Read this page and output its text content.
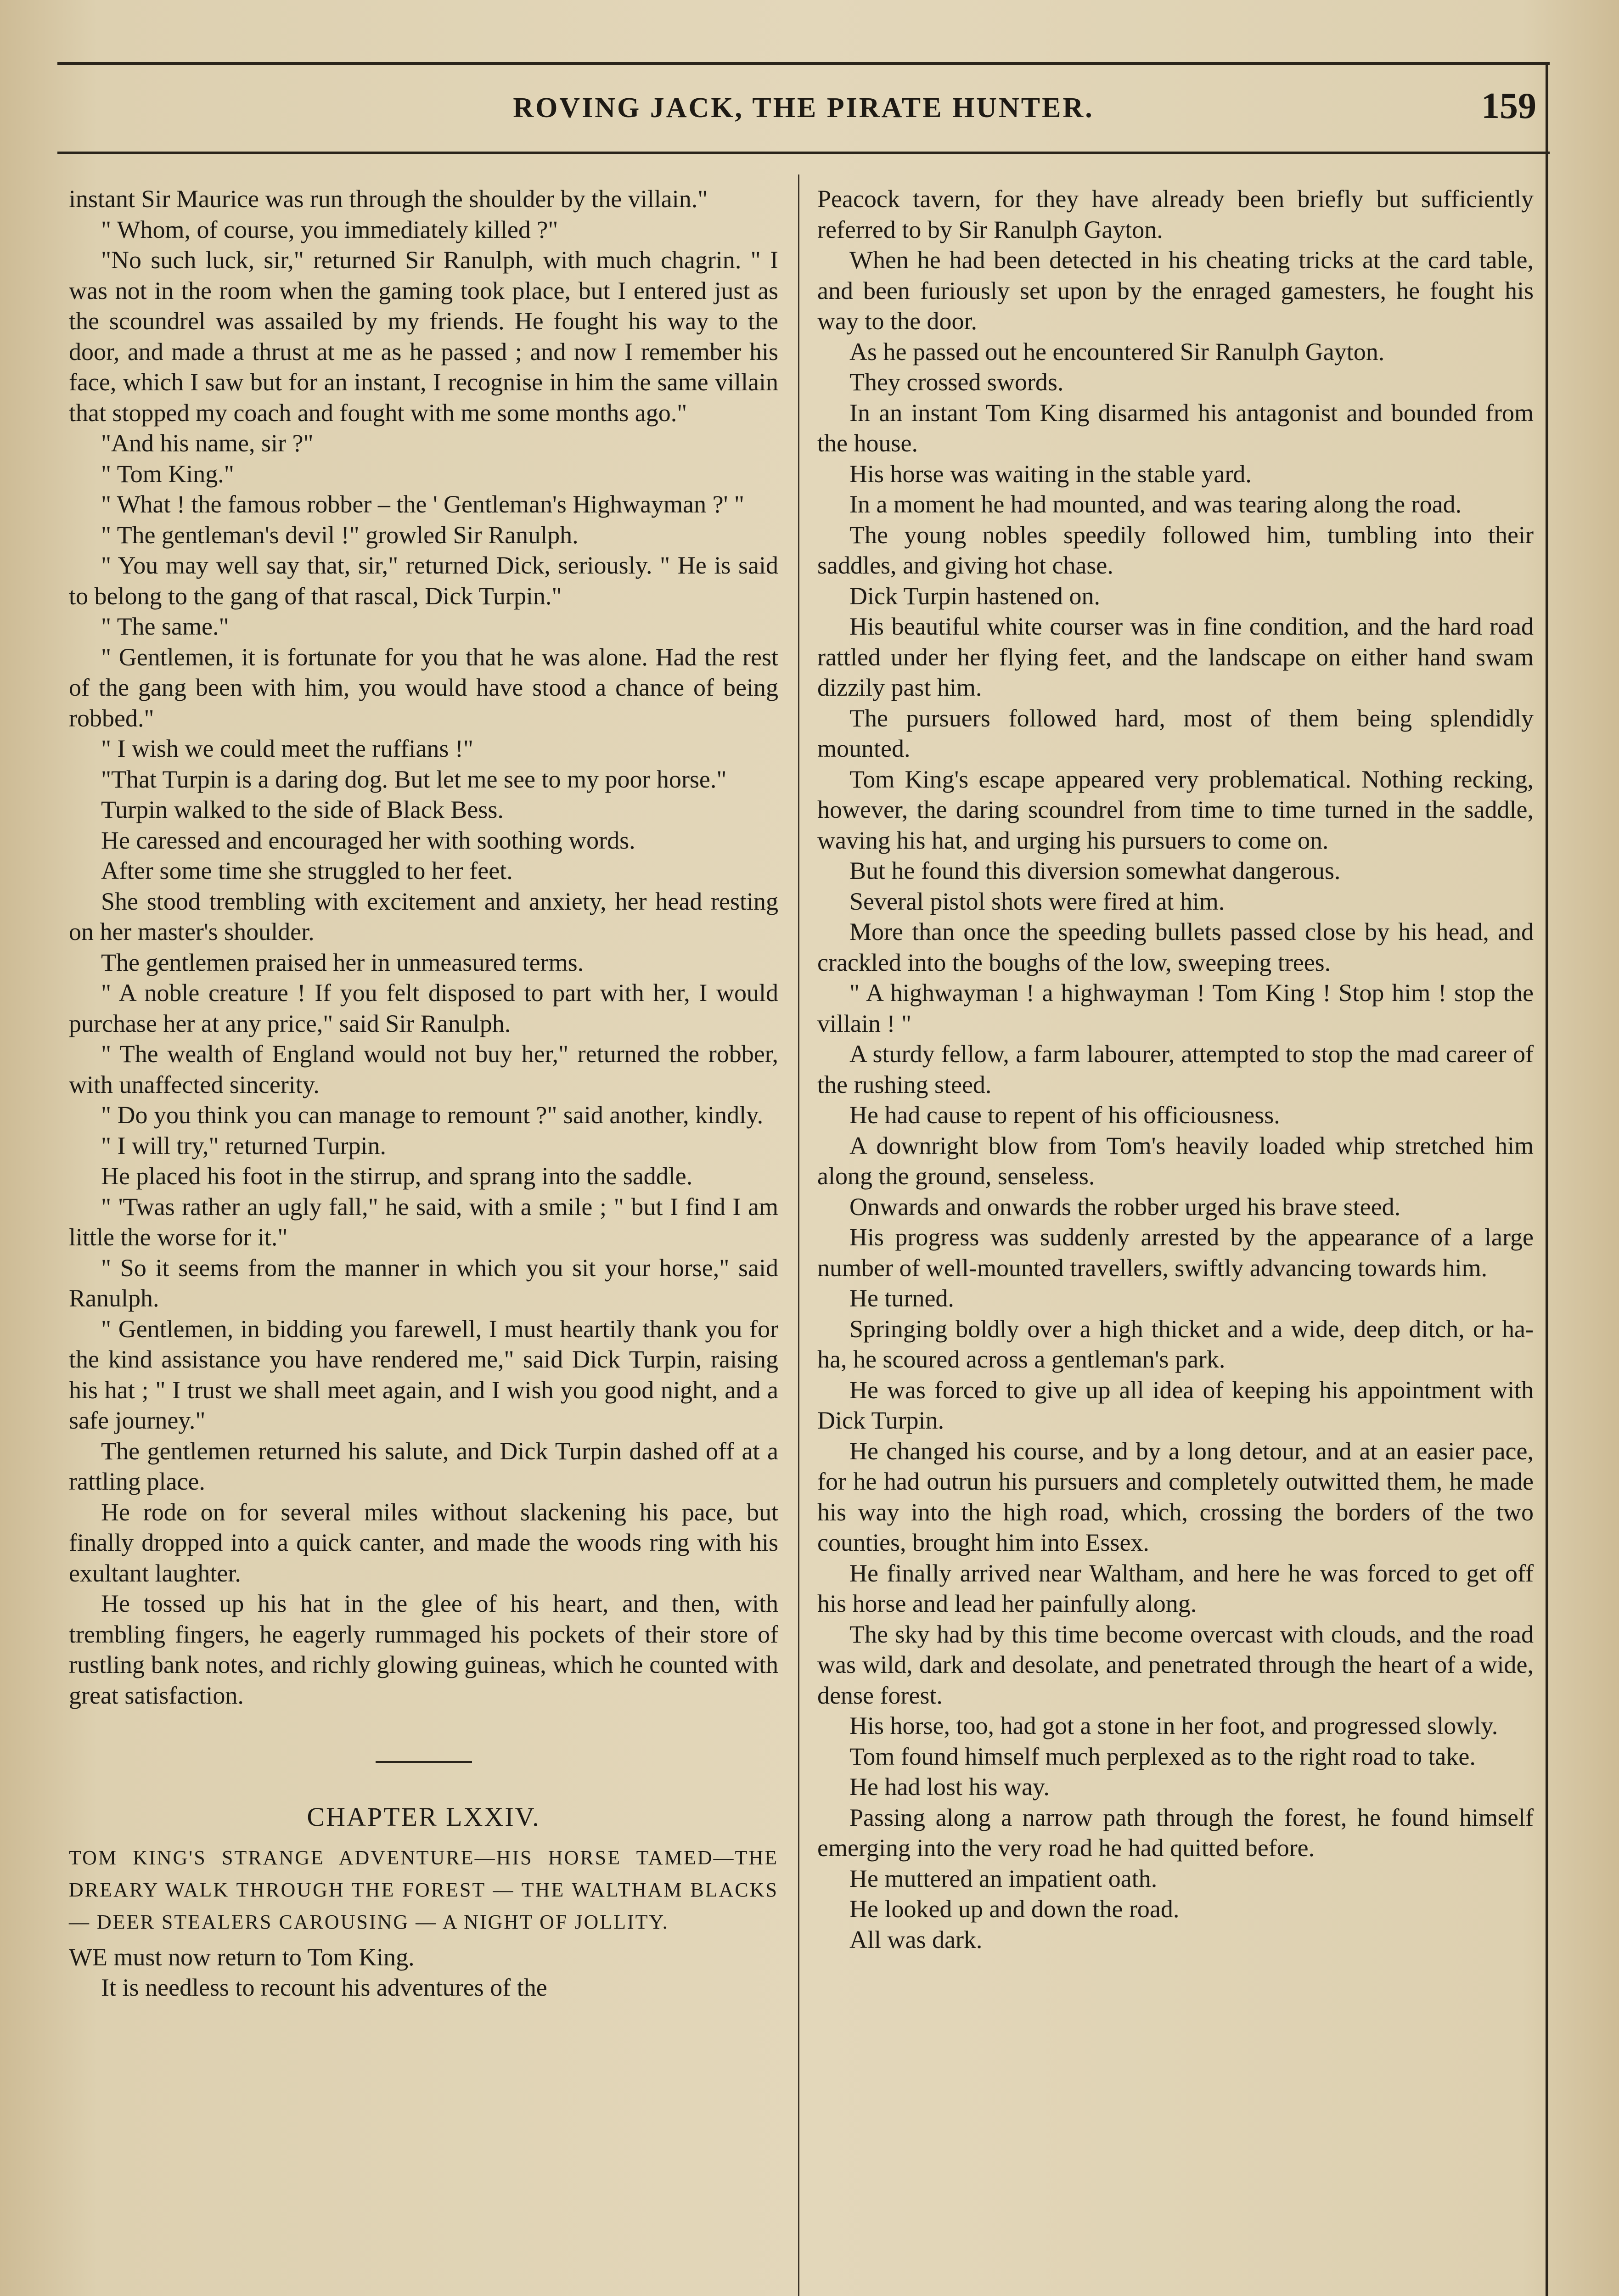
ROVING JACK, THE PIRATE HUNTER.	159

instant Sir Maurice was run through the shoulder by the villain."

" Whom, of course, you immediately killed ?"

"No such luck, sir," returned Sir Ranulph, with much chagrin. " I was not in the room when the gaming took place, but I entered just as the scoundrel was assailed by my friends. He fought his way to the door, and made a thrust at me as he passed ; and now I remember his face, which I saw but for an instant, I recognise in him the same villain that stopped my coach and fought with me some months ago."

"And his name, sir ?"

" Tom King."

" What ! the famous robber – the ' Gentleman's Highwayman ?' "

" The gentleman's devil !" growled Sir Ranulph.

" You may well say that, sir," returned Dick, seriously. " He is said to belong to the gang of that rascal, Dick Turpin."

" The same."

" Gentlemen, it is fortunate for you that he was alone. Had the rest of the gang been with him, you would have stood a chance of being robbed."

" I wish we could meet the ruffians !"

"That Turpin is a daring dog. But let me see to my poor horse."

Turpin walked to the side of Black Bess.

He caressed and encouraged her with soothing words.

After some time she struggled to her feet.

She stood trembling with excitement and anxiety, her head resting on her master's shoulder.

The gentlemen praised her in unmeasured terms.

" A noble creature ! If you felt disposed to part with her, I would purchase her at any price," said Sir Ranulph.

" The wealth of England would not buy her," returned the robber, with unaffected sincerity.

" Do you think you can manage to remount ?" said another, kindly.

" I will try," returned Turpin.

He placed his foot in the stirrup, and sprang into the saddle.

" 'Twas rather an ugly fall," he said, with a smile ; " but I find I am little the worse for it."

" So it seems from the manner in which you sit your horse," said Ranulph.

" Gentlemen, in bidding you farewell, I must heartily thank you for the kind assistance you have rendered me," said Dick Turpin, raising his hat ; " I trust we shall meet again, and I wish you good night, and a safe journey."

The gentlemen returned his salute, and Dick Turpin dashed off at a rattling place.

He rode on for several miles without slackening his pace, but finally dropped into a quick canter, and made the woods ring with his exultant laughter.

He tossed up his hat in the glee of his heart, and then, with trembling fingers, he eagerly rummaged his pockets of their store of rustling bank notes, and richly glowing guineas, which he counted with great satisfaction.

CHAPTER LXXIV.
TOM KING'S STRANGE ADVENTURE—HIS HORSE TAMED—THE DREARY WALK THROUGH THE FOREST — THE WALTHAM BLACKS — DEER STEALERS CAROUSING — A NIGHT OF JOLLITY.

WE must now return to Tom King.

It is needless to recount his adventures of the

Peacock tavern, for they have already been briefly but sufficiently referred to by Sir Ranulph Gayton.

When he had been detected in his cheating tricks at the card table, and been furiously set upon by the enraged gamesters, he fought his way to the door.

As he passed out he encountered Sir Ranulph Gayton.

They crossed swords.

In an instant Tom King disarmed his antagonist and bounded from the house.

His horse was waiting in the stable yard.

In a moment he had mounted, and was tearing along the road.

The young nobles speedily followed him, tumbling into their saddles, and giving hot chase.

Dick Turpin hastened on.

His beautiful white courser was in fine condition, and the hard road rattled under her flying feet, and the landscape on either hand swam dizzily past him.

The pursuers followed hard, most of them being splendidly mounted.

Tom King's escape appeared very problematical. Nothing recking, however, the daring scoundrel from time to time turned in the saddle, waving his hat, and urging his pursuers to come on.

But he found this diversion somewhat dangerous.

Several pistol shots were fired at him.

More than once the speeding bullets passed close by his head, and crackled into the boughs of the low, sweeping trees.

" A highwayman ! a highwayman ! Tom King ! Stop him ! stop the villain ! "

A sturdy fellow, a farm labourer, attempted to stop the mad career of the rushing steed.

He had cause to repent of his officiousness.

A downright blow from Tom's heavily loaded whip stretched him along the ground, senseless.

Onwards and onwards the robber urged his brave steed.

His progress was suddenly arrested by the appearance of a large number of well-mounted travellers, swiftly advancing towards him.

He turned.

Springing boldly over a high thicket and a wide, deep ditch, or ha-ha, he scoured across a gentleman's park.

He was forced to give up all idea of keeping his appointment with Dick Turpin.

He changed his course, and by a long detour, and at an easier pace, for he had outrun his pursuers and completely outwitted them, he made his way into the high road, which, crossing the borders of the two counties, brought him into Essex.

He finally arrived near Waltham, and here he was forced to get off his horse and lead her painfully along.

The sky had by this time become overcast with clouds, and the road was wild, dark and desolate, and penetrated through the heart of a wide, dense forest.

His horse, too, had got a stone in her foot, and progressed slowly.

Tom found himself much perplexed as to the right road to take.

He had lost his way.

Passing along a narrow path through the forest, he found himself emerging into the very road he had quitted before.

He muttered an impatient oath.

He looked up and down the road.

All was dark.
